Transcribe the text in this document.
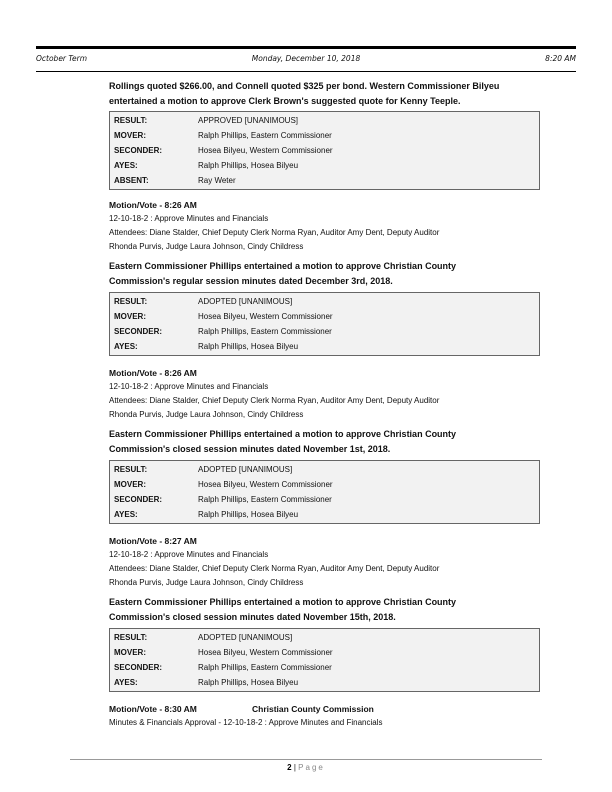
October Term	Monday, December 10, 2018	8:20 AM
Rollings quoted $266.00, and Connell quoted $325 per bond. Western Commissioner Bilyeu
entertained a motion to approve Clerk Brown's suggested quote for Kenny Teeple.
RESULT:	APPROVED [UNANIMOUS]
MOVER:	Ralph Phillips, Eastern Commissioner
SECONDER:	Hosea Bilyeu, Western Commissioner
AYES:	Ralph Phillips, Hosea Bilyeu
ABSENT:	Ray Weter
Motion/Vote - 8:26 AM
12-10-18-2 : Approve Minutes and Financials
Attendees: Diane Stalder, Chief Deputy Clerk Norma Ryan, Auditor Amy Dent, Deputy Auditor
Rhonda Purvis, Judge Laura Johnson, Cindy Childress
Eastern Commissioner Phillips entertained a motion to approve Christian County
Commission's regular session minutes dated December 3rd, 2018.
RESULT:	ADOPTED [UNANIMOUS]
MOVER:	Hosea Bilyeu, Western Commissioner
SECONDER:	Ralph Phillips, Eastern Commissioner
AYES:	Ralph Phillips, Hosea Bilyeu
Motion/Vote - 8:26 AM
12-10-18-2 : Approve Minutes and Financials
Attendees: Diane Stalder, Chief Deputy Clerk Norma Ryan, Auditor Amy Dent, Deputy Auditor
Rhonda Purvis, Judge Laura Johnson, Cindy Childress
Eastern Commissioner Phillips entertained a motion to approve Christian County
Commission's closed session minutes dated November 1st, 2018.
RESULT:	ADOPTED [UNANIMOUS]
MOVER:	Hosea Bilyeu, Western Commissioner
SECONDER:	Ralph Phillips, Eastern Commissioner
AYES:	Ralph Phillips, Hosea Bilyeu
Motion/Vote - 8:27 AM
12-10-18-2 : Approve Minutes and Financials
Attendees: Diane Stalder, Chief Deputy Clerk Norma Ryan, Auditor Amy Dent, Deputy Auditor
Rhonda Purvis, Judge Laura Johnson, Cindy Childress
Eastern Commissioner Phillips entertained a motion to approve Christian County
Commission's closed session minutes dated November 15th, 2018.
RESULT:	ADOPTED [UNANIMOUS]
MOVER:	Hosea Bilyeu, Western Commissioner
SECONDER:	Ralph Phillips, Eastern Commissioner
AYES:	Ralph Phillips, Hosea Bilyeu
Motion/Vote - 8:30 AM	Christian County Commission
Minutes & Financials Approval - 12-10-18-2 : Approve Minutes and Financials
2 | Page
